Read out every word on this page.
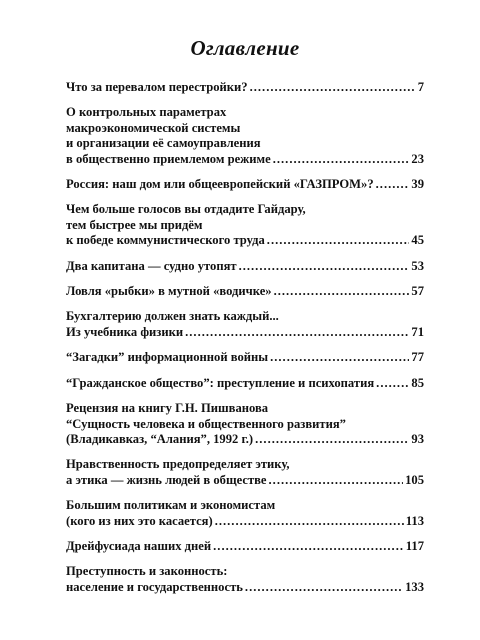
Оглавление
Что за перевалом перестройки? .....	7
О контрольных параметрах
макроэкономической системы
и организации её самоуправления
в общественно приемлемом режиме .....	23
Россия: наш дом или общеевропейский «ГАЗПРОМ»? .....	39
Чем больше голосов вы отдадите Гайдару,
тем быстрее мы придём
к победе коммунистического труда .....	45
Два капитана — судно утопят .....	53
Ловля «рыбки» в мутной «водичке» .....	57
Бухгалтерию должен знать каждый...
Из учебника физики .....	71
“Загадки” информационной войны .....	77
“Гражданское общество”: преступление и психопатия .....	85
Рецензия на книгу Г.Н. Пишванова
“Сущность человека и общественного развития”
(Владикавказ, “Алания”, 1992 г.) .....	93
Нравственность предопределяет этику,
а этика — жизнь людей в обществе .....	105
Большим политикам и экономистам
(кого из них это касается) .....	113
Дрейфусиада наших дней .....	117
Преступность и законность:
население и государственность .....	133
